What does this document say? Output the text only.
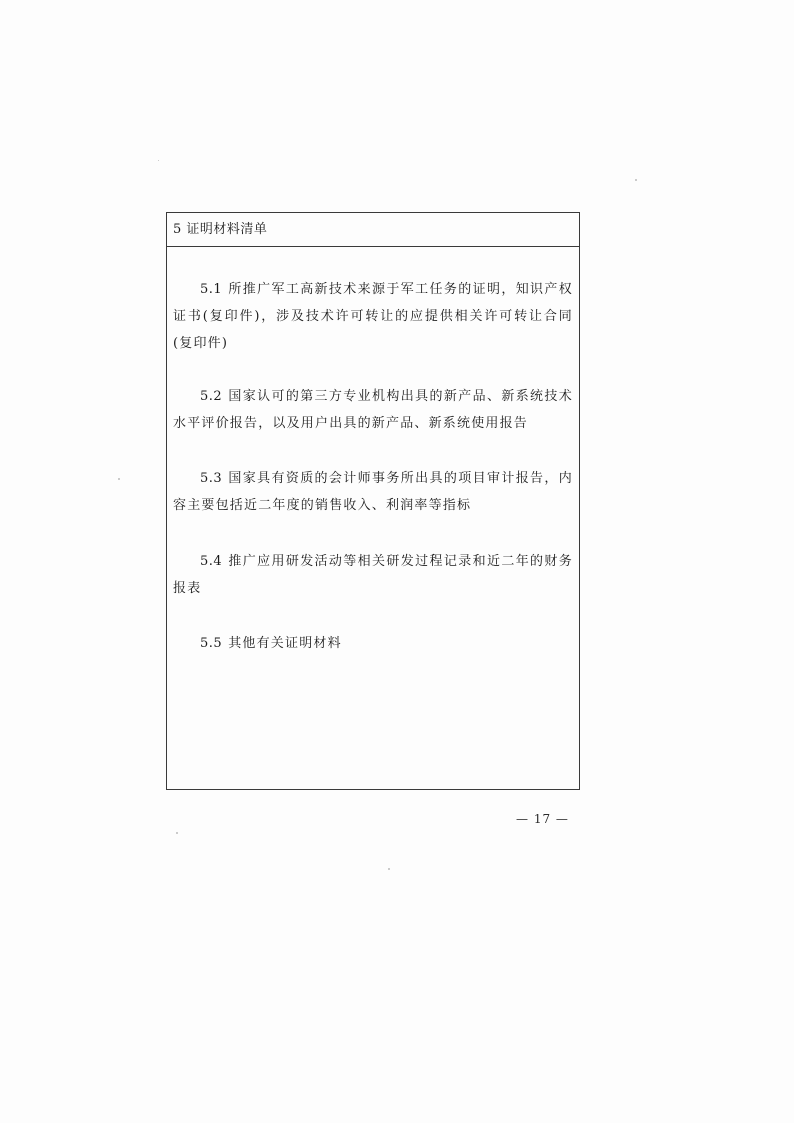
5 证明材料清单
5.1 所推广军工高新技术来源于军工任务的证明，知识产权证书(复印件)，涉及技术许可转让的应提供相关许可转让合同(复印件)
5.2 国家认可的第三方专业机构出具的新产品、新系统技术水平评价报告，以及用户出具的新产品、新系统使用报告
5.3 国家具有资质的会计师事务所出具的项目审计报告，内容主要包括近二年度的销售收入、利润率等指标
5.4 推广应用研发活动等相关研发过程记录和近二年的财务报表
5.5 其他有关证明材料
— 17 —
